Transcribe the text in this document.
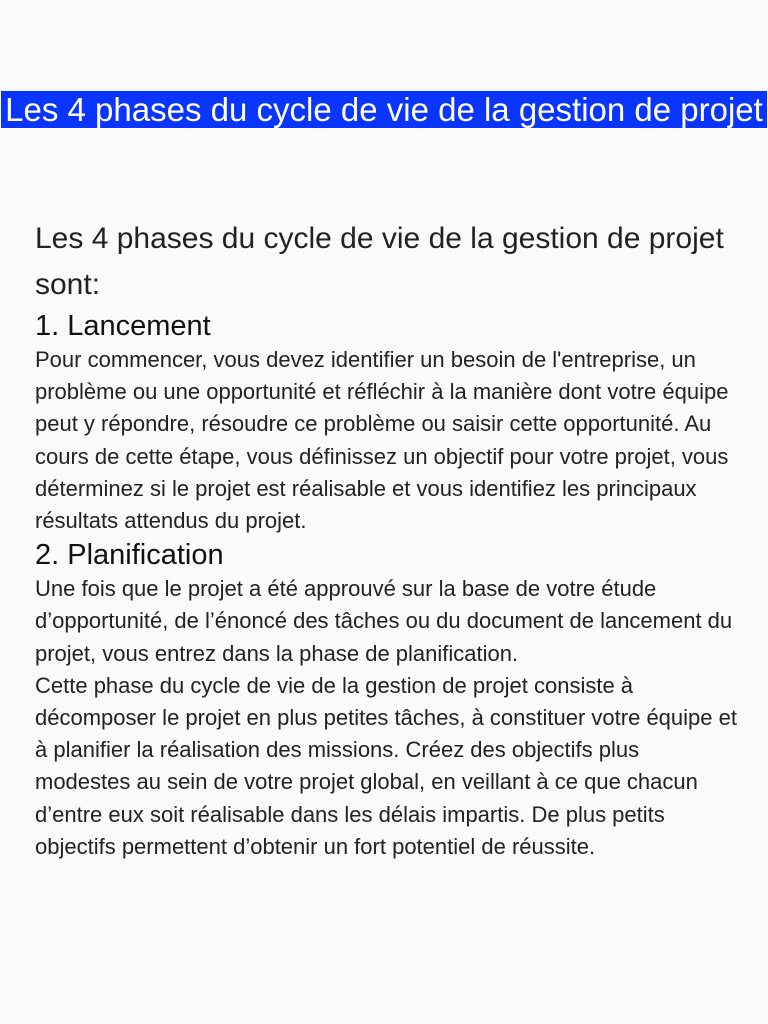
Les 4 phases du cycle de vie de la gestion de projet

Les 4 phases du cycle de vie de la gestion de projet sont:

1. Lancement

Pour commencer, vous devez identifier un besoin de l'entreprise, un problème ou une opportunité et réfléchir à la manière dont votre équipe peut y répondre, résoudre ce problème ou saisir cette opportunité. Au cours de cette étape, vous définissez un objectif pour votre projet, vous déterminez si le projet est réalisable et vous identifiez les principaux résultats attendus du projet.

2. Planification

Une fois que le projet a été approuvé sur la base de votre étude d’opportunité, de l’énoncé des tâches ou du document de lancement du projet, vous entrez dans la phase de planification.

Cette phase du cycle de vie de la gestion de projet consiste à décomposer le projet en plus petites tâches, à constituer votre équipe et à planifier la réalisation des missions. Créez des objectifs plus modestes au sein de votre projet global, en veillant à ce que chacun d’entre eux soit réalisable dans les délais impartis. De plus petits objectifs permettent d’obtenir un fort potentiel de réussite.
